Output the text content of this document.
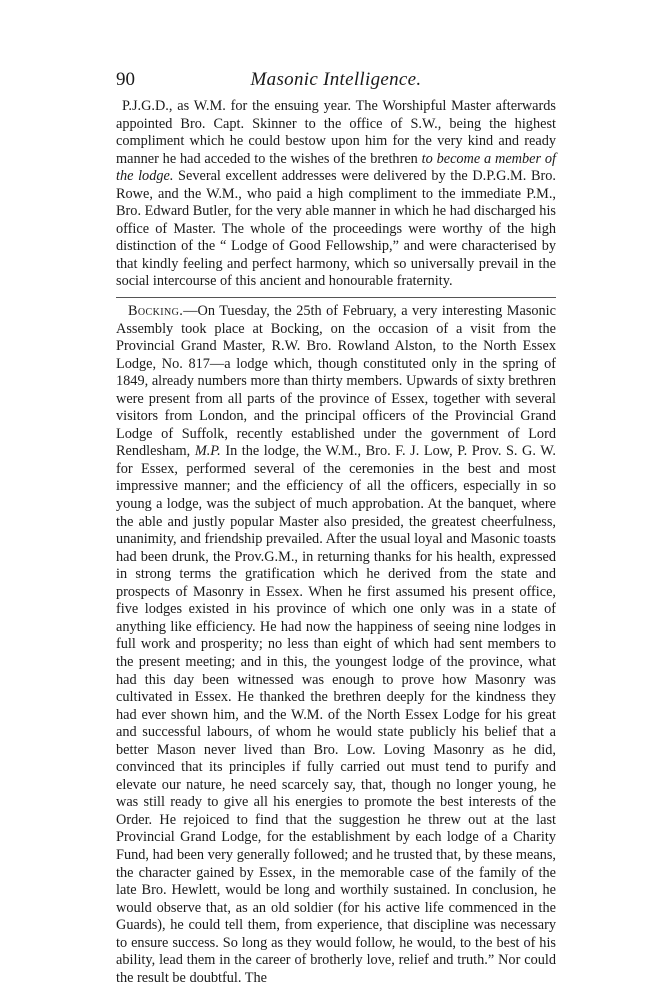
90	Masonic Intelligence.

P.J.G.D., as W.M. for the ensuing year. The Worshipful Master afterwards appointed Bro. Capt. Skinner to the office of S.W., being the highest compliment which he could bestow upon him for the very kind and ready manner he had acceded to the wishes of the brethren to become a member of the lodge. Several excellent addresses were delivered by the D.P.G.M. Bro. Rowe, and the W.M., who paid a high compliment to the immediate P.M., Bro. Edward Butler, for the very able manner in which he had discharged his office of Master. The whole of the proceedings were worthy of the high distinction of the “ Lodge of Good Fellowship,” and were characterised by that kindly feeling and perfect harmony, which so universally prevail in the social intercourse of this ancient and honourable fraternity.

Bocking.—On Tuesday, the 25th of February, a very interesting Masonic Assembly took place at Bocking, on the occasion of a visit from the Provincial Grand Master, R.W. Bro. Rowland Alston, to the North Essex Lodge, No. 817—a lodge which, though constituted only in the spring of 1849, already numbers more than thirty members. Upwards of sixty brethren were present from all parts of the province of Essex, together with several visitors from London, and the principal officers of the Provincial Grand Lodge of Suffolk, recently established under the government of Lord Rendlesham, M.P. In the lodge, the W.M., Bro. F. J. Low, P. Prov. S. G. W. for Essex, performed several of the ceremonies in the best and most impressive manner; and the efficiency of all the officers, especially in so young a lodge, was the subject of much approbation. At the banquet, where the able and justly popular Master also presided, the greatest cheerfulness, unanimity, and friendship prevailed. After the usual loyal and Masonic toasts had been drunk, the Prov.G.M., in returning thanks for his health, expressed in strong terms the gratification which he derived from the state and prospects of Masonry in Essex. When he first assumed his present office, five lodges existed in his province of which one only was in a state of anything like efficiency. He had now the happiness of seeing nine lodges in full work and prosperity; no less than eight of which had sent members to the present meeting; and in this, the youngest lodge of the province, what had this day been witnessed was enough to prove how Masonry was cultivated in Essex. He thanked the brethren deeply for the kindness they had ever shown him, and the W.M. of the North Essex Lodge for his great and successful labours, of whom he would state publicly his belief that a better Mason never lived than Bro. Low. Loving Masonry as he did, convinced that its principles if fully carried out must tend to purify and elevate our nature, he need scarcely say, that, though no longer young, he was still ready to give all his energies to promote the best interests of the Order. He rejoiced to find that the suggestion he threw out at the last Provincial Grand Lodge, for the establishment by each lodge of a Charity Fund, had been very generally followed; and he trusted that, by these means, the character gained by Essex, in the memorable case of the family of the late Bro. Hewlett, would be long and worthily sustained. In conclusion, he would observe that, as an old soldier (for his active life commenced in the Guards), he could tell them, from experience, that discipline was necessary to ensure success. So long as they would follow, he would, to the best of his ability, lead them in the career of brotherly love, relief and truth.” Nor could the result be doubtful. The
